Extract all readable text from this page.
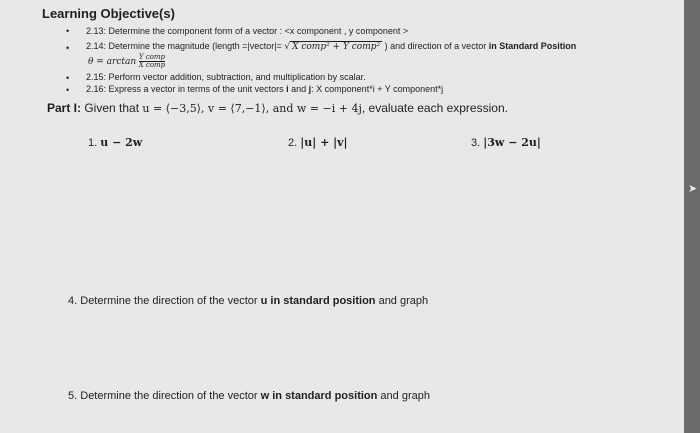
Learning Objective(s)
• 2.13: Determine the component form of a vector : <x component , y component >
• 2.14: Determine the magnitude (length =|vector|= √ X comp² + Y comp² ) and direction of a vector in Standard Position
$\theta = \arctan \frac{\text{Y comp}}{\text{X comp}}$
• 2.15: Perform vector addition, subtraction, and multiplication by scalar.
• 2.16: Express a vector in terms of the unit vectors i and j: X component*i + Y component*j
Part I: Given that u = ⟨−3,5⟩, v = ⟨7,−1⟩, and w = −i + 4j, evaluate each expression.
1. u − 2w	2. |u| + |v|	3. |3w − 2u|
4. Determine the direction of the vector u in standard position and graph
5. Determine the direction of the vector w in standard position and graph
➤
